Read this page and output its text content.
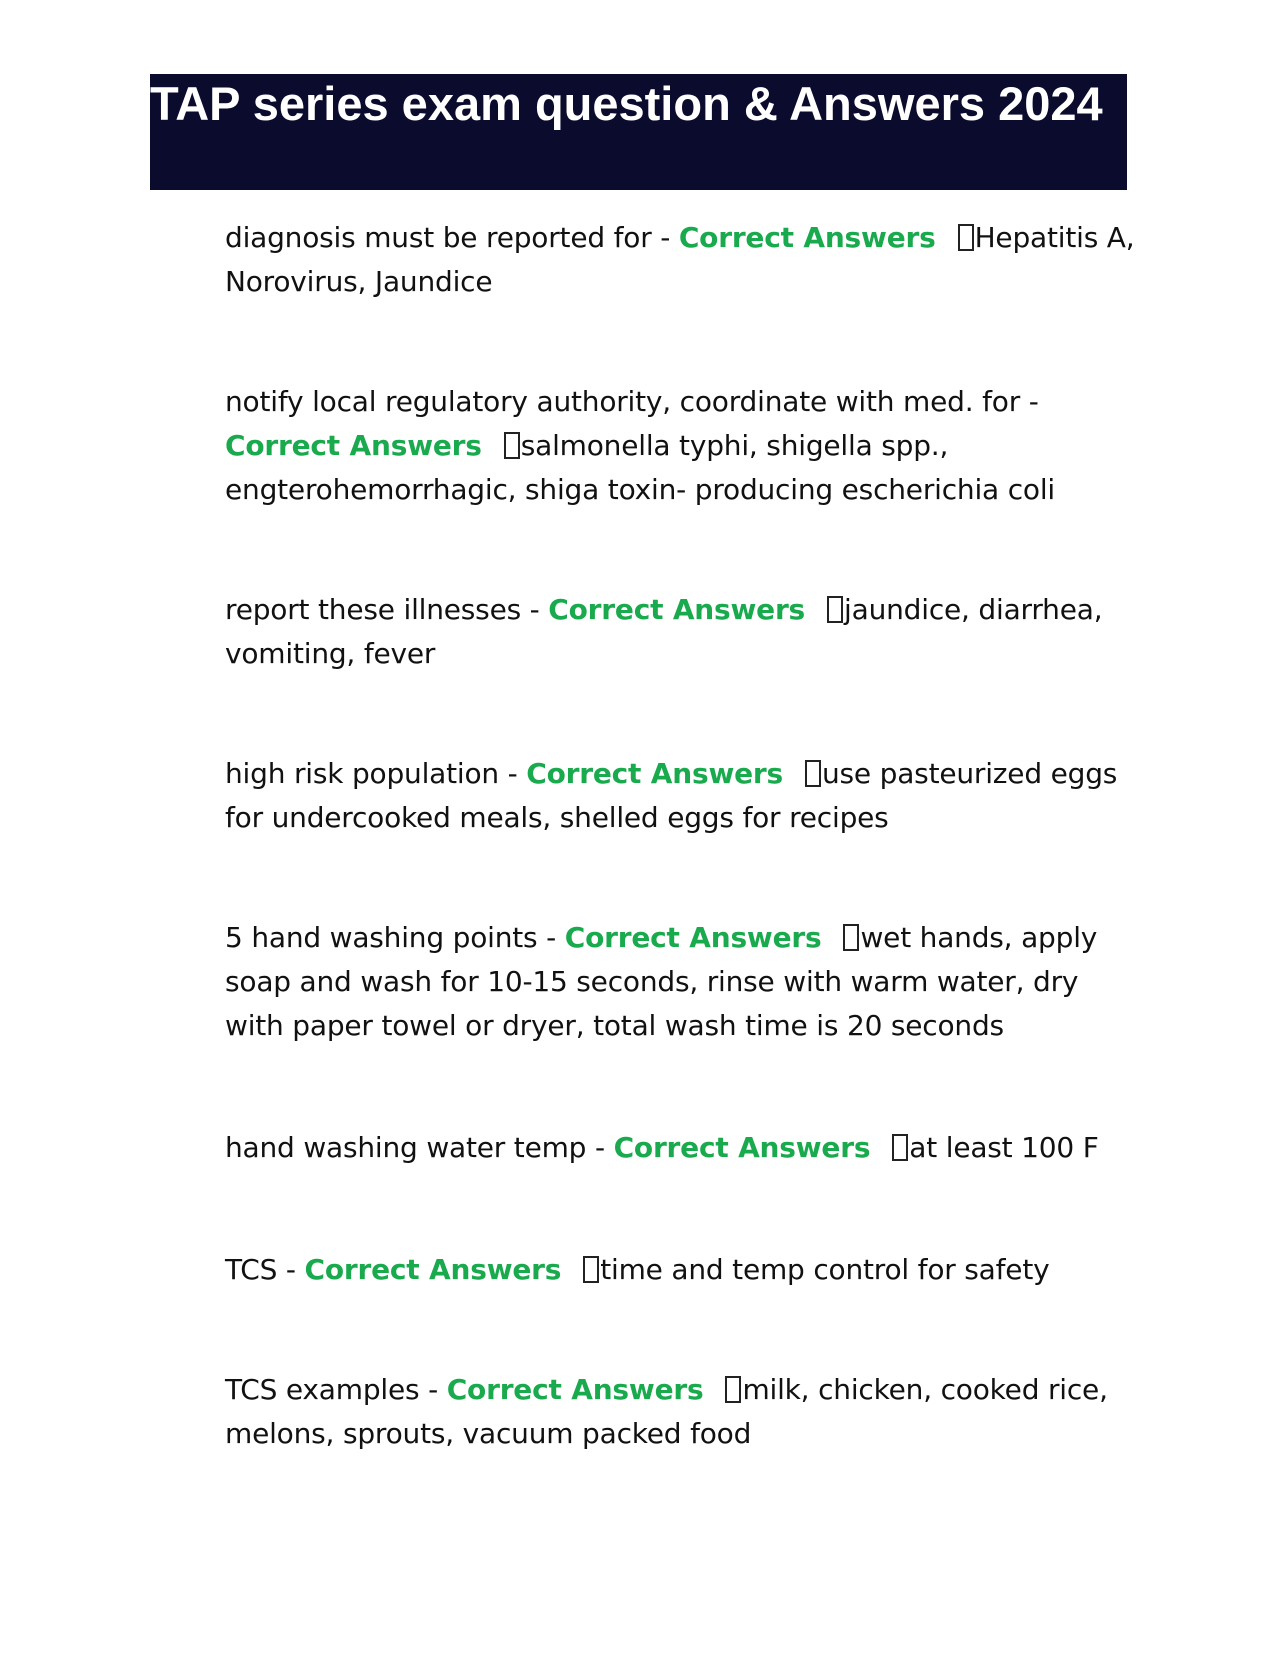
TAP series exam question & Answers 2024

diagnosis must be reported for - Correct Answers Hepatitis A, Norovirus, Jaundice

notify local regulatory authority, coordinate with med. for - Correct Answers salmonella typhi, shigella spp., engterohemorrhagic, shiga toxin- producing escherichia coli

report these illnesses - Correct Answers jaundice, diarrhea, vomiting, fever

high risk population - Correct Answers use pasteurized eggs for undercooked meals, shelled eggs for recipes

5 hand washing points - Correct Answers wet hands, apply soap and wash for 10-15 seconds, rinse with warm water, dry with paper towel or dryer, total wash time is 20 seconds

hand washing water temp - Correct Answers at least 100 F

TCS - Correct Answers time and temp control for safety

TCS examples - Correct Answers milk, chicken, cooked rice, melons, sprouts, vacuum packed food
